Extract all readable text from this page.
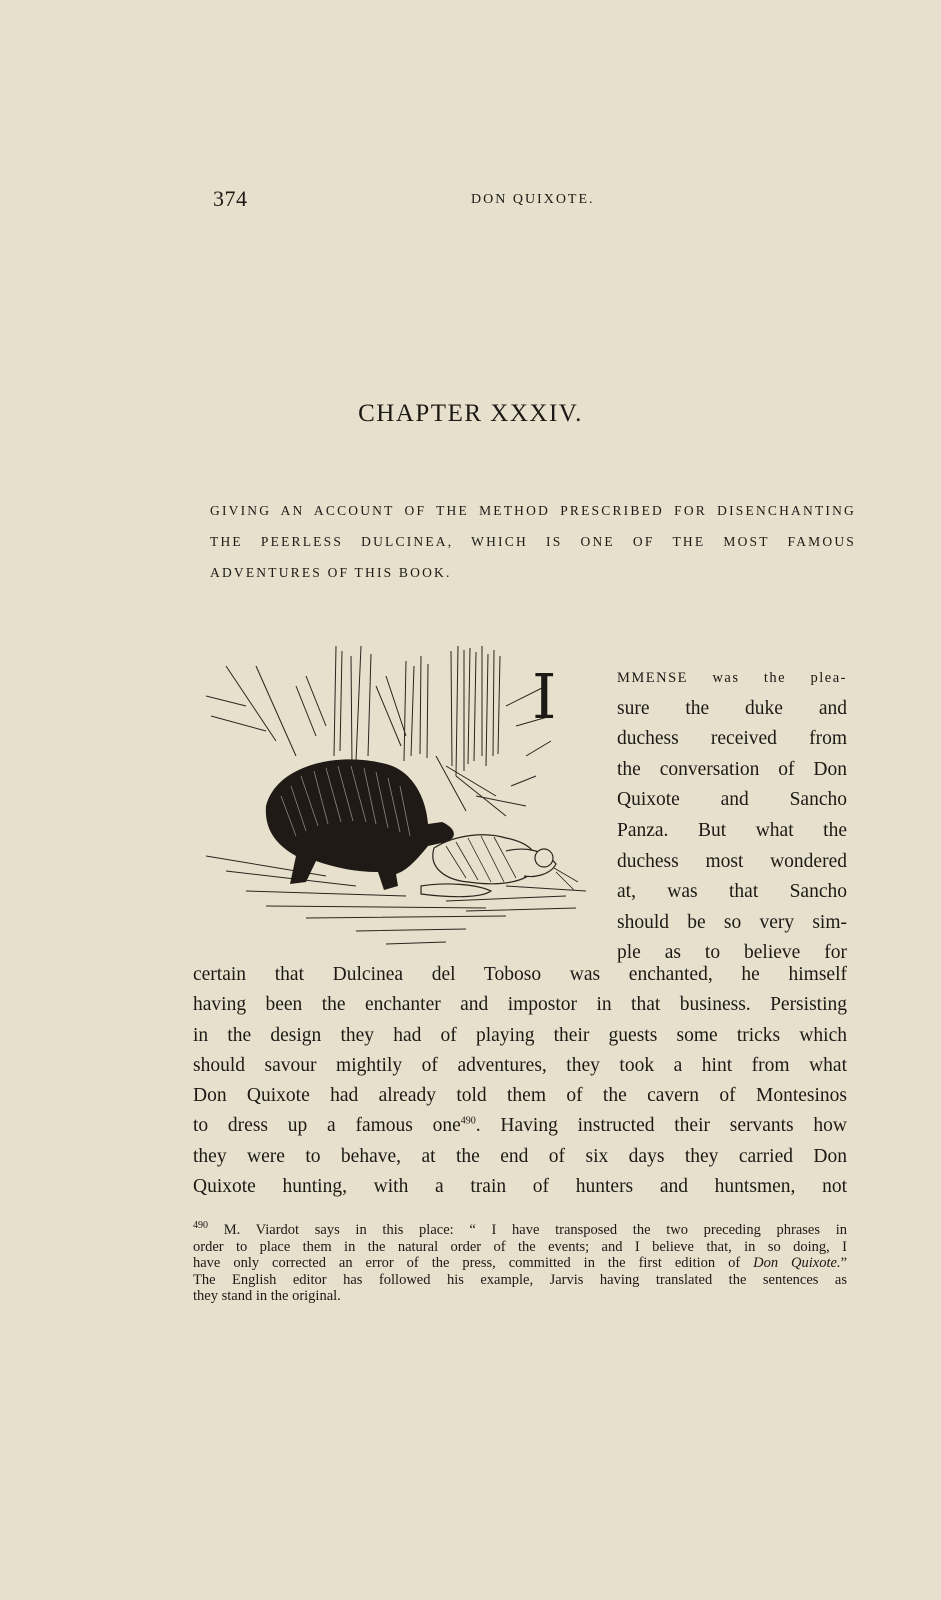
374	DON QUIXOTE.
CHAPTER XXXIV.
GIVING AN ACCOUNT OF THE METHOD PRESCRIBED FOR DISENCHANTING THE PEERLESS DULCINEA, WHICH IS ONE OF THE MOST FAMOUS ADVENTURES OF THIS BOOK.
I	MMENSE was the plea-
sure the duke and
duchess received from
the conversation of Don
Quixote and Sancho
Panza. But what the
duchess most wondered
at, was that Sancho
should be so very sim-
ple as to believe for
certain that Dulcinea del Toboso was enchanted, he himself
having been the enchanter and impostor in that business. Persisting
in the design they had of playing their guests some tricks which
should savour mightily of adventures, they took a hint from what
Don Quixote had already told them of the cavern of Montesinos
to dress up a famous one$^{490}$. Having instructed their servants how
they were to behave, at the end of six days they carried Don
Quixote hunting, with a train of hunters and huntsmen, not
$^{490}$ M. Viardot says in this place: “ I have transposed the two preceding phrases in
order to place them in the natural order of the events; and I believe that, in so doing, I
have only corrected an error of the press, committed in the first edition of Don Quixote.”
The English editor has followed his example, Jarvis having translated the sentences as
they stand in the original.
